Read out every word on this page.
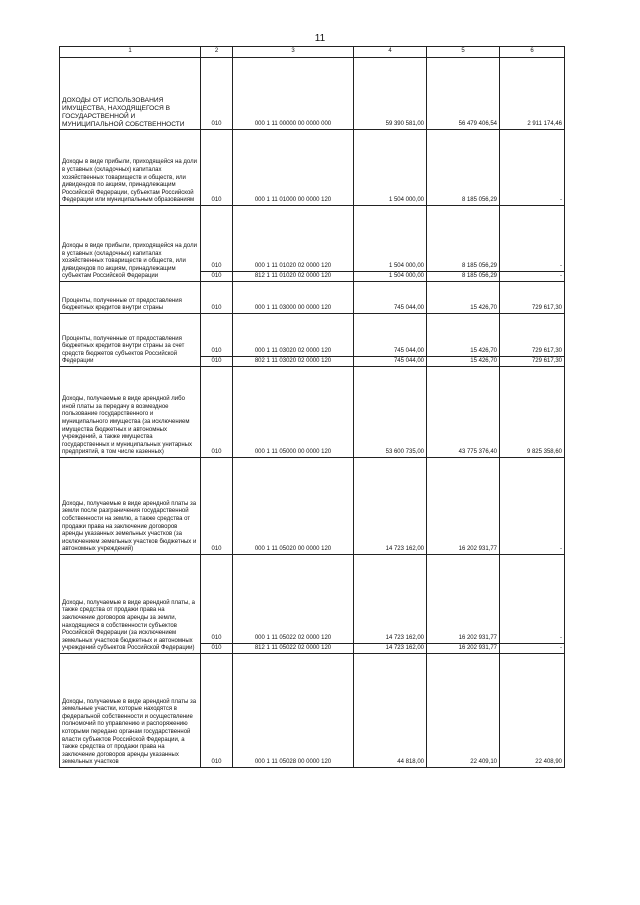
11
1	2	3	4	5	6
ДОХОДЫ ОТ ИСПОЛЬЗОВАНИЯ ИМУЩЕСТВА, НАХОДЯЩЕГОСЯ В ГОСУДАРСТВЕННОЙ И МУНИЦИПАЛЬНОЙ СОБСТВЕННОСТИ	010	000 1 11 00000 00 0000 000	59 390 581,00	56 479 406,54	2 911 174,46
Доходы в виде прибыли, приходящейся на доли в уставных (складочных) капиталах хозяйственных товариществ и обществ, или дивидендов по акциям, принадлежащим Российской Федерации, субъектам Российской Федерации или муниципальным образованиям	010	000 1 11 01000 00 0000 120	1 504 000,00	8 185 056,29	-
Доходы в виде прибыли, приходящейся на доли в уставных (складочных) капиталах хозяйственных товариществ и обществ, или дивидендов по акциям, принадлежащим субъектам Российской Федерации	010	000 1 11 01020 02 0000 120	1 504 000,00	8 185 056,29	-
	010	812 1 11 01020 02 0000 120	1 504 000,00	8 185 056,29	-
Проценты, полученные от предоставления бюджетных кредитов внутри страны	010	000 1 11 03000 00 0000 120	745 044,00	15 426,70	729 617,30
Проценты, полученные от предоставления бюджетных кредитов внутри страны за счет средств бюджетов субъектов Российской Федерации	010	000 1 11 03020 02 0000 120	745 044,00	15 426,70	729 617,30
	010	802 1 11 03020 02 0000 120	745 044,00	15 426,70	729 617,30
Доходы, получаемые в виде арендной либо иной платы за передачу в возмездное пользование государственного и муниципального имущества (за исключением имущества бюджетных и автономных учреждений, а также имущества государственных и муниципальных унитарных предприятий, в том числе казенных)	010	000 1 11 05000 00 0000 120	53 600 735,00	43 775 376,40	9 825 358,60
Доходы, получаемые в виде арендной платы за земли после разграничения государственной собственности на землю, а также средства от продажи права на заключение договоров аренды указанных земельных участков (за исключением земельных участков бюджетных и автономных учреждений)	010	000 1 11 05020 00 0000 120	14 723 162,00	16 202 931,77	-
Доходы, получаемые в виде арендной платы, а также средства от продажи права на заключение договоров аренды за земли, находящиеся в собственности субъектов Российской Федерации (за исключением земельных участков бюджетных и автономных учреждений субъектов Российской Федерации)	010	000 1 11 05022 02 0000 120	14 723 162,00	16 202 931,77	-
	010	812 1 11 05022 02 0000 120	14 723 162,00	16 202 931,77	-
Доходы, получаемые в виде арендной платы за земельные участки, которые находятся в федеральной собственности и осуществление полномочий по управлению и распоряжению которыми передано органам государственной власти субъектов Российской Федерации, а также средства от продажи права на заключение договоров аренды указанных земельных участков	010	000 1 11 05028 00 0000 120	44 818,00	22 409,10	22 408,90
